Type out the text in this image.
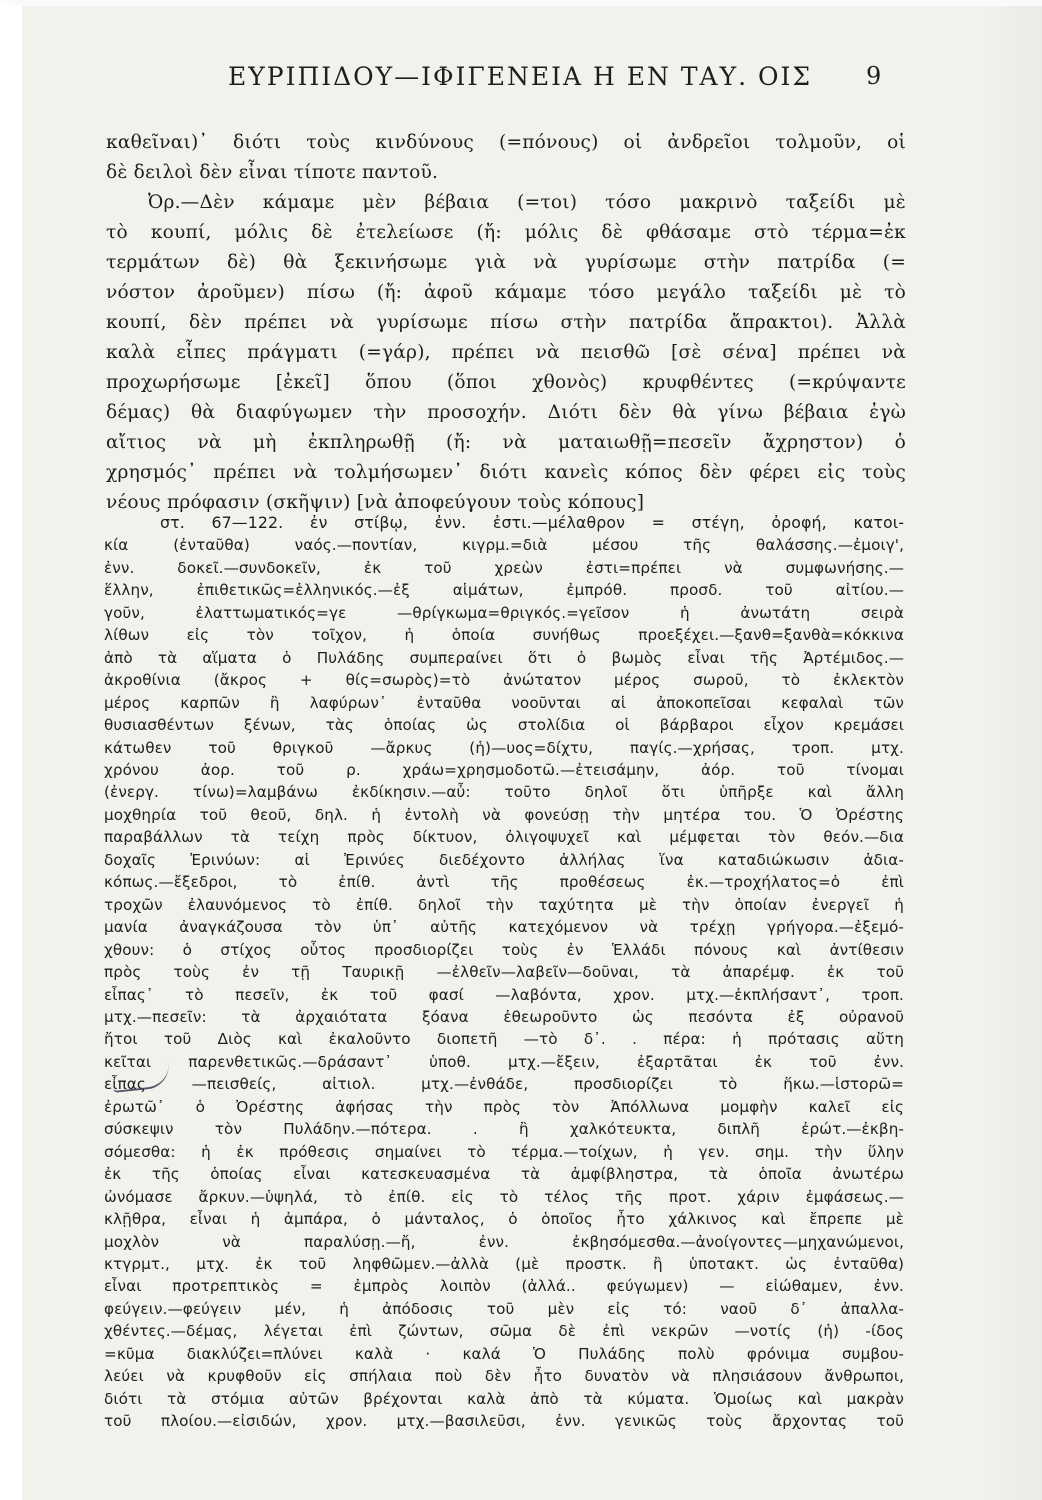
ΕΥΡΙΠΙΔΟΥ—ΙΦΙΓΕΝΕΙΑ Η ΕΝ ΤΑΥ. ΟΙΣ 9

καθεῖναι)᾿ διότι τοὺς κινδύνους (=πόνους) οἱ ἀνδρεῖοι τολμοῦν, οἱ

δὲ δειλοὶ δὲν εἶναι τίποτε παντοῦ.

Ὀρ.—Δὲν κάμαμε μὲν βέβαια (=τοι) τόσο μακρινὸ ταξείδι μὲ

τὸ κουπί, μόλις δὲ ἐτελείωσε (ἤ: μόλις δὲ φθάσαμε στὸ τέρμα=ἐκ

τερμάτων δὲ) θὰ ξεκινήσωμε γιὰ νὰ γυρίσωμε στὴν πατρίδα (=

νόστον ἀροῦμεν) πίσω (ἤ: ἀφοῦ κάμαμε τόσο μεγάλο ταξείδι μὲ τὸ

κουπί, δὲν πρέπει νὰ γυρίσωμε πίσω στὴν πατρίδα ἄπρακτοι). Ἀλλὰ

καλὰ εἶπες πράγματι (=γάρ), πρέπει νὰ πεισθῶ [σὲ σένα] πρέπει νὰ

προχωρήσωμε [ἐκεῖ] ὅπου (ὅποι χθονὸς) κρυφθέντες (=κρύψαντε

δέμας) θὰ διαφύγωμεν τὴν προσοχήν. Διότι δὲν θὰ γίνω βέβαια ἐγὼ

αἴτιος νὰ μὴ ἐκπληρωθῇ (ἤ: νὰ ματαιωθῇ=πεσεῖν ἄχρηστον) ὁ

χρησμός᾿ πρέπει νὰ τολμήσωμεν᾿ διότι κανεὶς κόπος δὲν φέρει εἰς τοὺς

νέους πρόφασιν (σκῆψιν) [νὰ ἀποφεύγουν τοὺς κόπους]

στ. 67—122. ἐν στίβῳ, ἐνν. ἐστι.—μέλαθρον = στέγη, ὀροφή, κατοι-

κία (ἐνταῦθα) ναός.—ποντίαν, κιγρμ.=διὰ μέσου τῆς θαλάσσης.—ἐμοιγ',

ἐνν. δοκεῖ.—συνδοκεῖν, ἐκ τοῦ χρεὼν ἐστι=πρέπει νὰ συμφωνήσης.—

ἕλλην, ἐπιθετικῶς=ἑλληνικός.—ἐξ αἱμάτων, ἐμπρόθ. προσδ. τοῦ αἰτίου.—

γοῦν, ἐλαττωματικός=γε —θρίγκωμα=θριγκός.=γεῖσον ἡ ἀνωτάτη σειρὰ

λίθων εἰς τὸν τοῖχον, ἡ ὁποία συνήθως προεξέχει.—ξανθ=ξανθὰ=κόκκινα

ἀπὸ τὰ αἵματα ὁ Πυλάδης συμπεραίνει ὅτι ὁ βωμὸς εἶναι τῆς Ἀρτέμιδος.—

ἀκροθίνια (ἄκρος + θίς=σωρὸς)=τὸ ἀνώτατον μέρος σωροῦ, τὸ ἐκλεκτὸν

μέρος καρπῶν ἢ λαφύρων᾿ ἐνταῦθα νοοῦνται αἱ ἀποκοπεῖσαι κεφαλαὶ τῶν

θυσιασθέντων ξένων, τὰς ὁποίας ὡς στολίδια οἱ βάρβαροι εἶχον κρεμάσει

κάτωθεν τοῦ θριγκοῦ —ἄρκυς (ἡ)—υος=δίχτυ, παγίς.—χρήσας, τροπ. μτχ.

χρόνου ἀορ. τοῦ ρ. χράω=χρησμοδοτῶ.—ἐτεισάμην, ἀόρ. τοῦ τίνομαι

(ἐνεργ. τίνω)=λαμβάνω ἐκδίκησιν.—αὖ: τοῦτο δηλοῖ ὅτι ὑπῆρξε καὶ ἄλλη

μοχθηρία τοῦ θεοῦ, δηλ. ἡ ἐντολὴ νὰ φονεύσῃ τὴν μητέρα του. Ὁ Ὀρέστης

παραβάλλων τὰ τείχη πρὸς δίκτυον, ὀλιγοψυχεῖ καὶ μέμφεται τὸν θεόν.—δια

δοχαῖς Ἐρινύων: αἱ Ἐρινύες διεδέχοντο ἀλλήλας ἵνα καταδιώκωσιν ἀδια-

κόπως.—ἔξεδροι, τὸ ἐπίθ. ἀντὶ τῆς προθέσεως ἐκ.—τροχήλατος=ὁ ἐπὶ

τροχῶν ἐλαυνόμενος τὸ ἐπίθ. δηλοῖ τὴν ταχύτητα μὲ τὴν ὁποίαν ἐνεργεῖ ἡ

μανία ἀναγκάζουσα τὸν ὑπ᾿ αὐτῆς κατεχόμενον νὰ τρέχῃ γρήγορα.—ἐξεμό-

χθουν: ὁ στίχος οὗτος προσδιορίζει τοὺς ἐν Ἑλλάδι πόνους καὶ ἀντίθεσιν

πρὸς τοὺς ἐν τῇ Ταυρικῇ —ἐλθεῖν—λαβεῖν—δοῦναι, τὰ ἀπαρέμφ. ἐκ τοῦ

εἶπας᾿ τὸ πεσεῖν, ἐκ τοῦ φασί —λαβόντα, χρον. μτχ.—ἐκπλήσαντ᾿, τροπ.

μτχ.—πεσεῖν: τὰ ἀρχαιότατα ξόανα ἐθεωροῦντο ὡς πεσόντα ἐξ οὐρανοῦ

ἤτοι τοῦ Διὸς καὶ ἐκαλοῦντο διοπετῆ —τὸ δ᾿. . πέρα: ἡ πρότασις αὕτη

κεῖται παρενθετικῶς.—δράσαντ᾿ ὑποθ. μτχ.—ἔξειν, ἐξαρτᾶται ἐκ τοῦ ἐνν.

εἶπας —πεισθείς, αἰτιολ. μτχ.—ἐνθάδε, προσδιορίζει τὸ ἥκω.—ἱστορῶ=

ἐρωτῶ᾿ ὁ Ὀρέστης ἀφήσας τὴν πρὸς τὸν Ἀπόλλωνα μομφὴν καλεῖ εἰς

σύσκεψιν τὸν Πυλάδην.—πότερα. . ἢ χαλκότευκτα, διπλῆ ἐρώτ.—ἐκβη-

σόμεσθα: ἡ ἐκ πρόθεσις σημαίνει τὸ τέρμα.—τοίχων, ἡ γεν. σημ. τὴν ὕλην

ἐκ τῆς ὁποίας εἶναι κατεσκευασμένα τὰ ἀμφίβληστρα, τὰ ὁποῖα ἀνωτέρω

ὠνόμασε ἄρκυν.—ὑψηλά, τὸ ἐπίθ. εἰς τὸ τέλος τῆς προτ. χάριν ἐμφάσεως.—

κλῇθρα, εἶναι ἡ ἀμπάρα, ὁ μάνταλος, ὁ ὁποῖος ἦτο χάλκινος καὶ ἔπρεπε μὲ

μοχλὸν νὰ παραλύσῃ.—ἤ, ἐνν. ἐκβησόμεσθα.—ἀνοίγοντες—μηχανώμενοι,

κτγρμτ., μτχ. ἐκ τοῦ ληφθῶμεν.—ἀλλὰ (μὲ προστκ. ἢ ὑποτακτ. ὡς ἐνταῦθα)

εἶναι προτρεπτικὸς = ἐμπρὸς λοιπὸν (ἀλλά.. φεύγωμεν) — εἰώθαμεν, ἐνν.

φεύγειν.—φεύγειν μέν, ἡ ἀπόδοσις τοῦ μὲν εἰς τό: ναοῦ δ᾿ ἀπαλλα-

χθέντες.—δέμας, λέγεται ἐπὶ ζώντων, σῶμα δὲ ἐπὶ νεκρῶν —νοτίς (ἡ) -ίδος

=κῦμα διακλύζει=πλύνει καλὰ · καλά Ὁ Πυλάδης πολὺ φρόνιμα συμβου-

λεύει νὰ κρυφθοῦν εἰς σπήλαια ποὺ δὲν ἦτο δυνατὸν νὰ πλησιάσουν ἄνθρωποι,

διότι τὰ στόμια αὐτῶν βρέχονται καλὰ ἀπὸ τὰ κύματα. Ὁμοίως καὶ μακρὰν

τοῦ πλοίου.—εἰσιδών, χρον. μτχ.—βασιλεῦσι, ἐνν. γενικῶς τοὺς ἄρχοντας τοῦ
